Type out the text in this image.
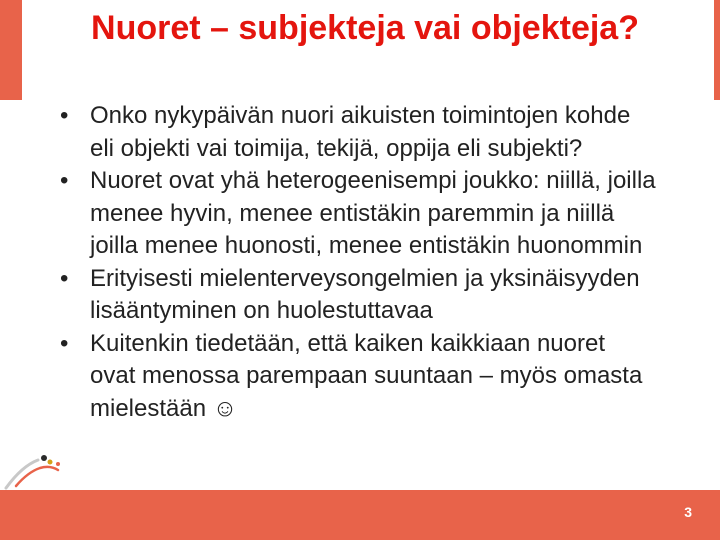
Nuoret – subjekteja vai objekteja?
• Onko nykypäivän nuori aikuisten toimintojen kohde eli objekti vai toimija, tekijä, oppija eli subjekti?
• Nuoret ovat yhä heterogeenisempi joukko: niillä, joilla menee hyvin, menee entistäkin paremmin ja niillä joilla menee huonosti, menee entistäkin huonommin
• Erityisesti mielenterveysongelmien ja yksinäisyyden lisääntyminen on huolestuttavaa
• Kuitenkin tiedetään, että kaiken kaikkiaan nuoret ovat menossa parempaan suuntaan – myös omasta mielestään ☺
3
